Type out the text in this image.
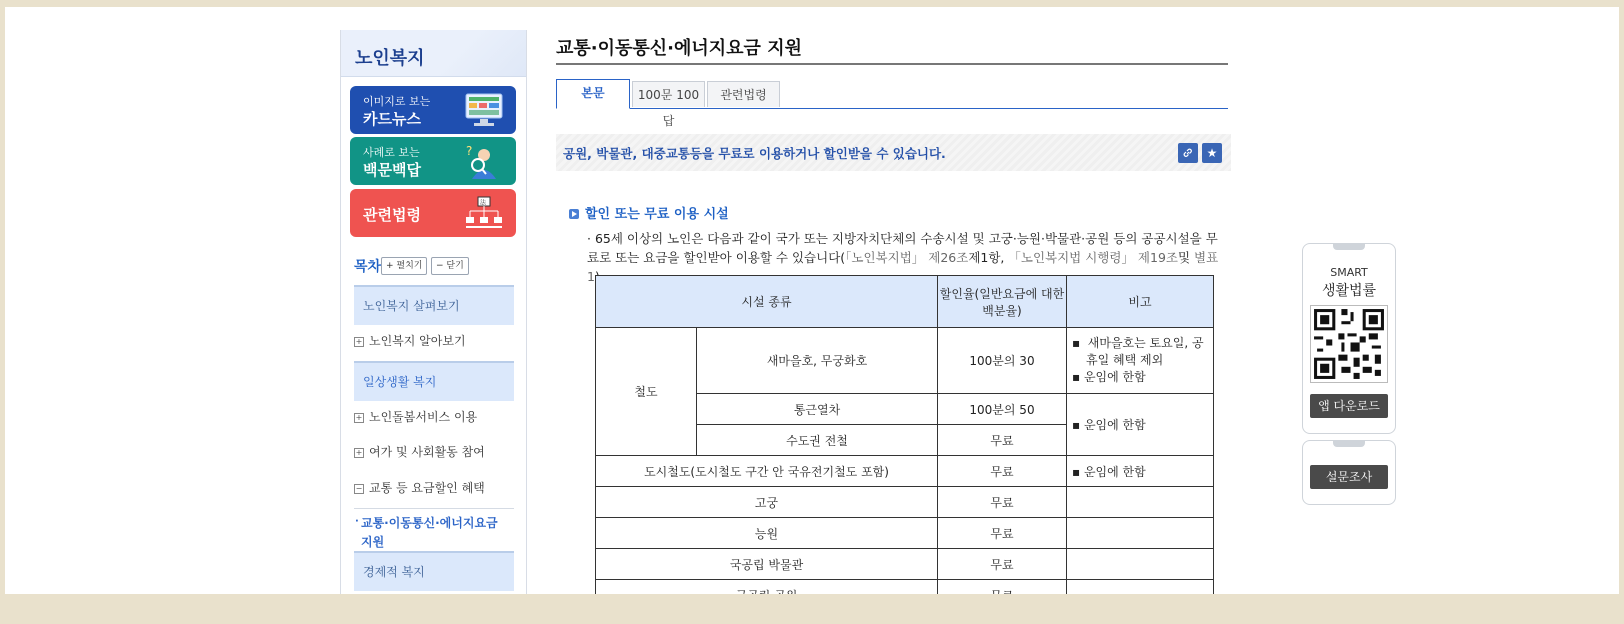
노인복지
이미지로 보는
카드뉴스
사례로 보는
백문백답
?
관련법령
法
목차 + 펼치기	− 닫기
노인복지 살펴보기
+ 노인복지 알아보기
일상생활 복지
+ 노인돌봄서비스 이용
+ 여가 및 사회활동 참여
− 교통 등 요금할인 혜택
· 교통·이동통신·에너지요금 지원
경제적 복지
교통·이동통신·에너지요금 지원
본문	100문 100답
관련법령
공원, 박물관, 대중교통등을 무료로 이용하거나 할인받을 수 있습니다.	★
할인 또는 무료 이용 시설
· 65세 이상의 노인은 다음과 같이 국가 또는 지방자치단체의 수송시설 및 고궁·능원·박물관·공원 등의 공공시설을 무료로 또는 요금을 할인받아 이용할 수 있습니다(「노인복지법」 제26조제1항, 「노인복지법 시행령」 제19조및 별표 1
시설 종류		할인율(일반요금에 대한 백분율)	비고
철도	새마을호, 무궁화호	100분의 30	▪  새마을호는 토요일, 공휴일 혜택 제외
▪ 운임에 한함

	통근열차	100분의 50	▪ 운임에 한함
	수도권 전철	무료	
도시철도(도시철도 구간 안 국유전기철도 포함)		무료	▪ 운임에 한함
고궁		무료	
능원		무료	
국공립 박물관		무료	

SMART
생활법률
앱 다운로드
설문조사
